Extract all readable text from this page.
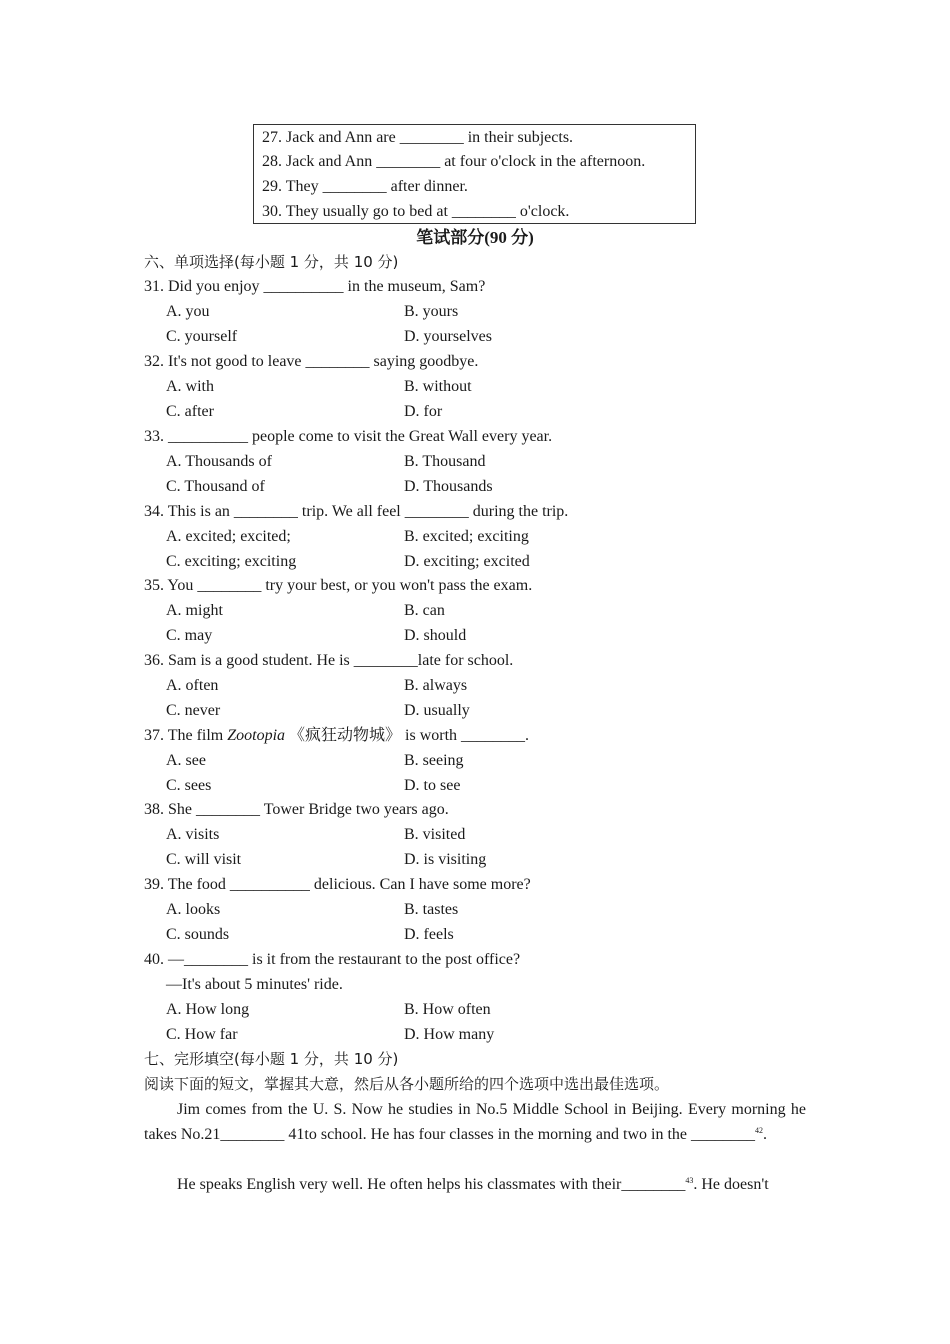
27. Jack and Ann are ________ in their subjects.
28. Jack and Ann ________ at four o'clock in the afternoon.
29. They ________ after dinner.
30. They usually go to bed at ________ o'clock.
笔试部分(90 分)
六、单项选择(每小题 1 分，共 10 分)
31. Did you enjoy __________ in the museum, Sam?
A. you	B. yours
C. yourself	D. yourselves
32. It's not good to leave ________ saying goodbye.
A. with	B. without
C. after	D. for
33. __________ people come to visit the Great Wall every year.
A. Thousands of	B. Thousand
C. Thousand of	D. Thousands
34. This is an ________ trip. We all feel ________ during the trip.
A. excited; excited;	B. excited; exciting
C. exciting; exciting	D. exciting; excited
35. You ________ try your best, or you won't pass the exam.
A. might	B. can
C. may	D. should
36. Sam is a good student. He is ________late for school.
A. often	B. always
C. never	D. usually
37. The film Zootopia 《疯狂动物城》 is worth ________.
A. see	B. seeing
C. sees	D. to see
38. She ________ Tower Bridge two years ago.
A. visits	B. visited
C. will visit	D. is visiting
39. The food __________ delicious. Can I have some more?
A. looks	B. tastes
C. sounds	D. feels
40. —________ is it from the restaurant to the post office?
—It's about 5 minutes' ride.
A. How long	B. How often
C. How far	D. How many
七、完形填空(每小题 1 分，共 10 分)
阅读下面的短文，掌握其大意，然后从各小题所给的四个选项中选出最佳选项。
Jim comes from the U. S. Now he studies in No.5 Middle School in Beijing. Every morning he takes No.21________ 41to school. He has four classes in the morning and two in the ________$^{42}$.
He speaks English very well. He often helps his classmates with their________$^{43}$. He doesn't
